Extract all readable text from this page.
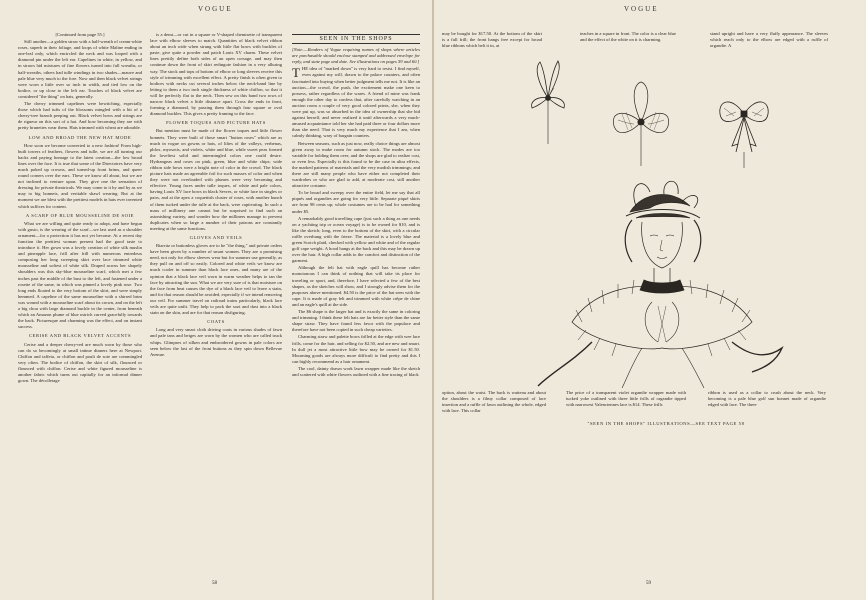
VOGUE

[Continued from page 55.]

Still another—a golden straw with a half-wreath of cream-white roses, superb in their foliage, and loops of white Maline ending in one-leaf only, which encircled the neck and was looped with a diamond pin under the left ear. Capelines in white, in yellow, and in straws hid mixtures of fine flowers turned into full wreaths, or half-wreaths, others had tulle windings in two shades—mauve and pale blue very much to the fore. Now and then black velvet strings were worn a little over so inch in width, and tied low on the bodice, or up close to the left ear. Touches of black velvet are considered "the thing" on hats, generally.

The cherry trimmed capelines were bewitching, especially those which had tufts of the blossoms mingled with a bit of a cherry-tree branch peeping out. Black velvet bows and strings are de rigueur on this sort of a hat. And how becoming they are with pretty brunettes wear them. Hats trimmed with wheat are adorable.

LOW AND BROAD THE NEW HAT MODE

How soon we become converted to a new fashion! From high-built towers of feathers, flowers and tulle, we are all turning our backs and paying homage to the latest creation—the low broad lines over the face. It is true that some of the Directoires have very much poked up crowns, and turned-up front brims, and queer round corners over the ears. These we know all about, but we are not inclined to venture upon. They give one the sensation of dressing for private theatricals. We may come to it by and by as we may to big bonnets, and veritable shawl wearing. But at the moment we are blest with the prettiest models in hats ever invented which suffices for content.

A SCARF OF BLUE MOUSSELINE DE SOIE

What we are willing and quite ready to adopt, and have begun with gusto, is the wearing of the scarf—we last used as a shoulder ornament—for a protection it has not yet become. At a recent day function the prettiest woman present had the good taste to introduce it. Her gown was a lovely creation of white silk muslin and pineapple lace, frill after frill with numerous entredeux composing her long sweeping skirt over lace trimmed white mousseline and softest of white silk. Draped across her shapely shoulders was this sky-blue mousseline scarf, which met a few inches past the middle of the bust to the left, and fastened under a rosette of the same, in which was pinned a lovely pink rose. Two long ends floated to the very bottom of the skirt, and were simply hemmed. A capeline of the same mousseline with a shirred brim was wound with a mousseline scarf about its crown, and on the left a big chou with large diamond buckle in the center, from beneath which an Amazon plume of blue ostrich curved gracefully towards the back. Picturesque and charming was the effect, and on instant success.

CERISE AND BLACK VELVET ACCENTS

Cerise and a deeper cherry-red are much worn by those who can do so becomingly at small intime dinners here at Newport. Chiffon and taffeta, or chiffon and poult de soie are commingled very often. The bodice of chiffon, the skirt of silk, flounced or flounced with chiffon. Cerise and white figured mousseline is another fabric which turns out capitally for an informal dinner gown. The décolletage

is a demi—or cut in a square or V-shaped chemisette of transparent lace with elbow sleeves to match. Quantities of black velvet ribbon about an inch wide when strung with little flat bows with buckles of paste, give quite a powder and patch Louis XV charm. These velvet lines prettily define both sides of an open corsage, and may then continue down the front of skirt redingote fashion in a very alluring way. The stock and tops of bottom of elbow or long sleeves receive this style of trimming with excellent effect. A pretty finish is often given to bodices with necks cut several inches below the neck-band line by letting to them a two inch single thickness of white chiffon, so that it will lie perfectly flat to the neck. Then sew on this band two rows of narrow black velvet a little distance apart. Cross the ends in front, forming a diamond, by passing them through four square or oval diamond buckles. This gives a pretty framing to the face.

FLOWER TOQUES AND PICTURE HATS

But mention must be made of the flower toques and little flower bonnets. They were built of those smart "button roses" which are as much in vogue on gowns or hats, of lilies of the valleys, verbenas, phlox, myosotis, and violets, white and blue, while sweet peas formed the loveliest solid and intermingled colors one could desire. Hydrangeas and roses on pink, green, blue and white chips; wide ribbon side bows were a bright note of color in the crowd. The black picture hats made an agreeable foil for such masses of color and when they were not overloaded with plumes were very becoming and effective. Young faces under tulle toques, of white and pale colors, having Louis XV lace bows in black Sevres, or white lace in singles or pairs, and at the apex a coquettish cluster of roses, with another bunch of them tucked under the tulle at the back, were captivating. In such a mass of millinery one cannot but be surprised to find such an astonishing variety, and wonder how the milliners manage to prevent duplicates when so large a number of their patrons are constantly meeting at the same functions.

GLOVES AND VEILS

Biarritz or buttonless gloves are to be "the thing," and private orders have been given by a number of smart women. They are a promising need, not only for elbow sleeves wear but for summer use generally, as they pull on and off so easily. Colored and white veils we know are much cooler in summer than black lace ones, and many are of the opinion that a black lace veil worn in warm weather helps to tan the face by attracting the sun. What we are very sure of is that moisture on the face from heat causes the dye of a black lace veil to leave a stain, and for that reason should be avoided, especially if we intend removing our veil. For summer travel on railroad trains particularly, black lace veils are quite unfit. They help to pack the soot and dust into a black stain on the skin, and are for that reason disfiguring.

COATS

Long and very smart cloth driving coats in various shades of fawn and pale tans and beiges are worn by the women who are called truck whips. Glimpses of silken and embroidered gowns in pale colors are seen below the last of the front buttons as they spin down Bellevue Avenue.

SEEN IN THE SHOPS

[Note.—Readers of Vogue requiring names of shops where articles are purchasable should enclose stamped and addressed envelope for reply, and state page and date. See illustrations on pages 59 and 60.]

THE idea of "marked down" is very hard to resist. I find myself, even against my will, drawn to the palace counters, and often fascinated into buying when better judgment tells me not. It is like an auction—the crowd, the push, the excitement make one keen to possess, rather regardless of the wares. A friend of mine was frank enough the other day to confess that, after carefully watching in an auction room a couple of very good colored prints, she, when they were put up, was so absorbed in the idea of ownership that she bid against herself, and never realized it until afterwards a very much-amused acquaintance told her she had paid three or four dollars more than she need. That is very much my experience that I am, when calmly thinking, wary of bargain counters.

Between seasons, such as just now, really choice things are almost given away to make room for autumn stock. The modes are too variable for holding them over, and the shops are glad to realize cost, or even less. Especially is this found to be the case in ultra effects, the marked patterns of materials and the very modish trimmings; and there are still many people who have either not completed their wardrobes or who are glad to add, at moderate cost, still another attractive costume.

To be broad and sweepy over the entire field, let me say that all piqués and organdies are going for very little. Separate piqué skirts are from 98 cents up; whole costumes are to be had for something under $5.

A remarkably good travelling cape (just such a thing as one needs on a yachting trip or ocean voyage) is to be owned for $10, and is like the sketch; long, even to the bottom of the skirt, with a circular ruffle overhung with the frieze. The material is a lovely blue and green Scotch plaid, checked with yellow and white and of the regular golf cape weight. A hood hangs at the back and this may be drawn up over the hair. A high collar adds to the comfort and distinction of the garment.

Although the felt hat with eagle quill has become rather monotonous I can think of nothing that will take its place for traveling or sport, and, therefore, I have selected a few of the best shapes, as the sketches will show, and I strongly advise them for the purposes above mentioned. $4.50 is the price of the hat seen with the cape. It is made of gray felt and trimmed with white crêpe de chine and an eagle's quill at the side.

The $6 shape is the larger hat and is exactly the same in coloring and trimming. I think these felt hats are far better style than the same shape straw. They have found less favor with the populace and therefore have not been copied in such cheap varieties.

Charming straw and palette bows frilled at the edge with wee lace frills, come for the hair, and selling for $2.50, and are new and smart. In dull jet a most attractive little bow may be owned for $1.50. Mourning goods are always more difficult to find pretty and this I can highly recommend as a hair ornament.

The cool, dainty drawn work lawn wrapper made like the sketch and scattered with white flowers outlined with a fine tracing of black

58
VOGUE
59
may be bought for $17.50. At the bottom of the skirt is a full frill; the front hangs free except for broad blue ribbons which belt it in, at
teaches in a square in front. The color is a clear blue and the effect of the white on it is charming.
stand upright and have a very fluffy appearance. The sleeves which reach only to the elbow are edged with a ruffle of organdie. A
option, about the waist. The back is watteau and about the shoulders is a filmy collar composed of lace insertion and a ruffle of lawn outlining the whole, edged with lace. This collar
The price of a transparent violet organdie wrapper made with tucked yoke outlined with three little frills of organdie tipped with narrowest Valenciennes lace is $14. These frills
ribbon is used as a collar to crush about the neck. Very becoming is a pale blue golf sun bonnet made of organdie edged with lace. The three
"SEEN IN THE SHOPS" ILLUSTRATIONS—SEE TEXT PAGE 58
